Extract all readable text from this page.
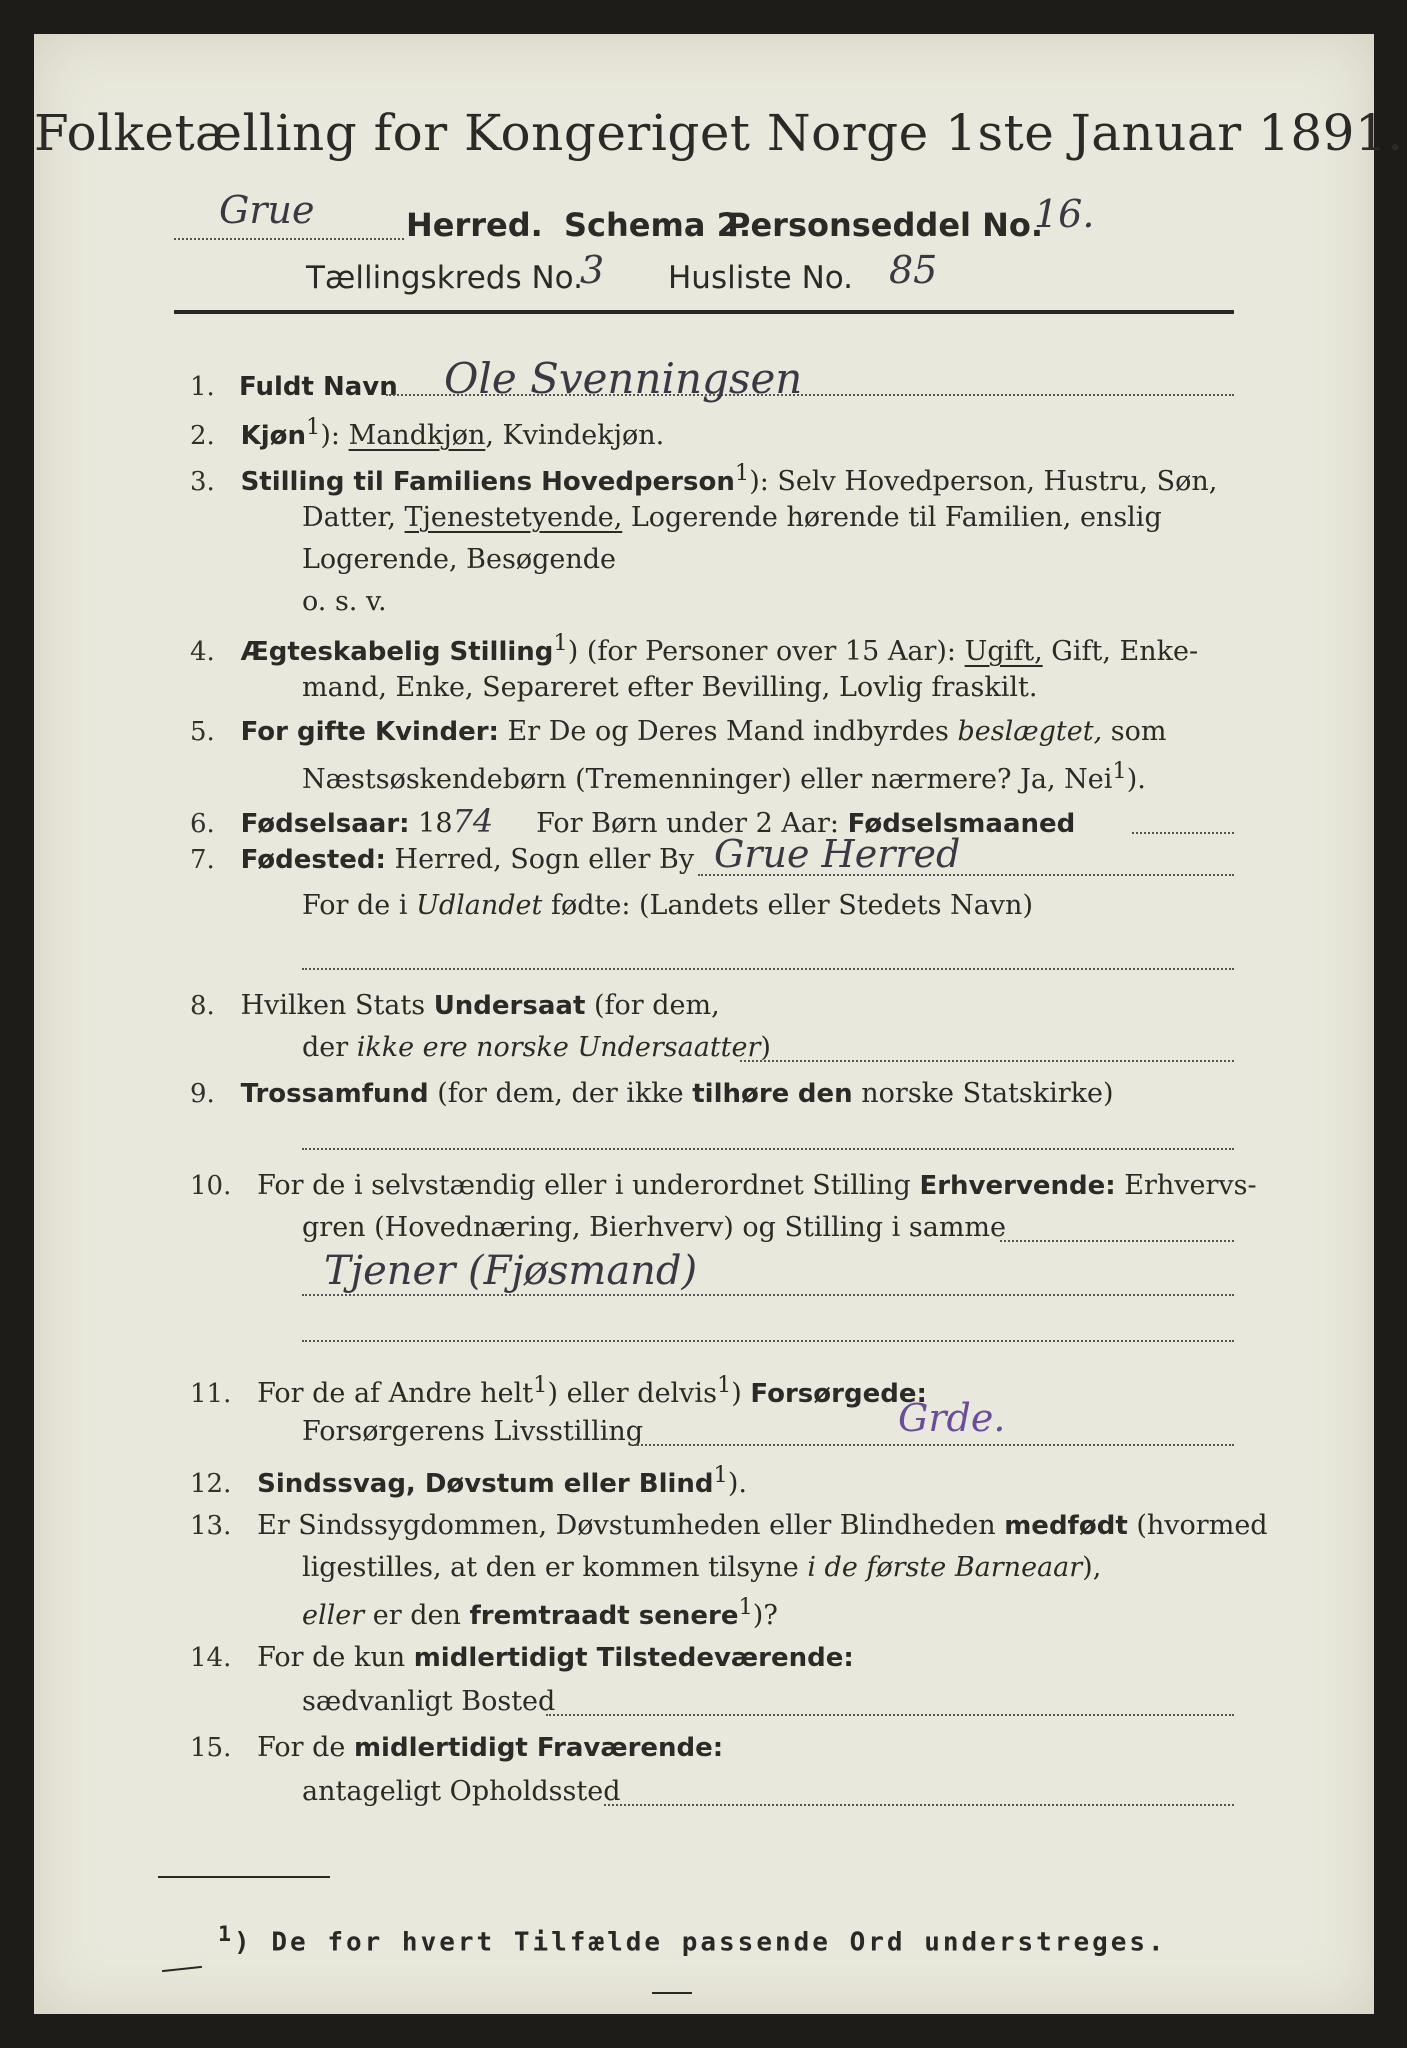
Folketælling for Kongeriget Norge 1ste Januar 1891.
Grue	Herred. Schema 2.
Personseddel No.
16.
Tællingskreds No.
3 Husliste No. 85
1. Fuldt Navn Ole Svenningsen
2. Kjøn$^1$): Mandkjøn, Kvindekjøn.
3. Stilling til Familiens Hovedperson$^1$): Selv Hovedperson, Hustru, Søn,
Datter, Tjenestetyende, Logerende hørende til Familien, enslig
Logerende, Besøgende
o. s. v.
4. Ægteskabelig Stilling$^1$) (for Personer over 15 Aar): Ugift, Gift, Enke-
mand, Enke, Separeret efter Bevilling, Lovlig fraskilt.
5. For gifte Kvinder: Er De og Deres Mand indbyrdes beslægtet, som
Næstsøskendebørn (Tremenninger) eller nærmere? Ja, Nei$^1$).
6. Fødselsaar: 1874 For Børn under 2 Aar: Fødselsmaaned
7. Fødested: Herred, Sogn eller By Grue Herred
For de i Udlandet fødte: (Landets eller Stedets Navn)
8. Hvilken Stats Undersaat (for dem,
der ikke ere norske Undersaatter)
9. Trossamfund (for dem, der ikke tilhøre den norske Statskirke)
10. For de i selvstændig eller i underordnet Stilling Erhvervende: Erhvervs-
gren (Hovednæring, Bierhverv) og Stilling i samme
Tjener (Fjøsmand)
11. For de af Andre helt$^1$) eller delvis$^1$) Forsørgede:
Forsørgerens Livsstilling	Grde.
12. Sindssvag, Døvstum eller Blind$^1$).
13. Er Sindssygdommen, Døvstumheden eller Blindheden medfødt (hvormed
ligestilles, at den er kommen tilsyne i de første Barneaar),
eller er den fremtraadt senere$^1$)?
14. For de kun midlertidigt Tilstedeværende:
sædvanligt Bosted
15. For de midlertidigt Fraværende:
antageligt Opholdssted
$^1$) De for hvert Tilfælde passende Ord understreges.
